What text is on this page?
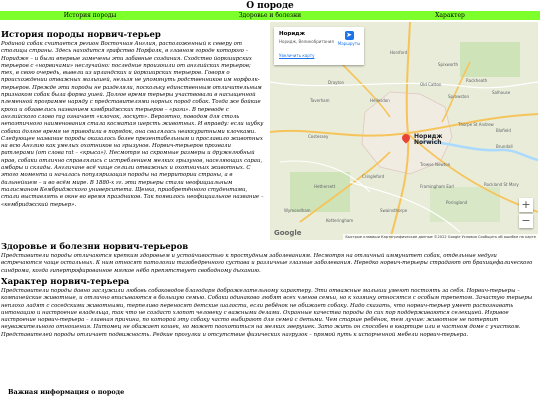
О породе
История породы	Здоровье и болезни	Характер
История породы норвич-терьер

Родиной собак считается регион Восточная Англия, расположенный к северу от столицы страны. Здесь находится графство Норфолк, в главном городе которого – Норидже – и были впервые замечены эти забавные создания. Сходство йоркширских терьеров с «норвичами» неслучайно: последние произошли от английских терьеров; тех, в свою очередь, вывели из ирландских и йоркширских терьеров. Говоря о происхождении отважных малышей, нельзя не упомянуть родственников им норфолк-терьеров. Прежде эти породы не разделяли, поскольку единственным отличительным признаком собак была форма ушей. Долгое время терьеры участвовали в насыщенной племенной программе наряду с представителями норных пород собак. Тогда же бойкие крохи и обзавелись названием кэмбриджских терьеров – «раги». В переводе с английского слово rag означает «клочок, лоскут». Вероятно, поводом для столь непоэтичного наименования стала косматая шерсть животных. И вправду: если шубку собаки долгое время не приводили в порядок, она свалялась неаккуратными клочками. Следующее название породы оказалось более презентабельным и прославило животных на всю Англию как умелых охотников на грызунов. Норвич-терьеров прозвали ратлерами (от слова rat – «крыса»). Несмотря на скромные размеры и дружелюбный нрав, собаки отлично справлялись с истреблением мелких грызунов, населяющих сараи, амбары и склады. Англичане всё чаще селили отважных и охотничьих животных. С этого момента и началась популяризация породы на территории страны, а в дальнейшем – и во всём мире. В 1880-х гг. эти терьеры стали неофициальным талисманом Кембриджского университета. Щенка, приобретённого студентами, стали выставлять в окне во время праздников. Так появилось неофициальное название – «кембриджский терьер».

Horsford
Spixworth
Old Catton
Drayton
Taverham
Sprowston
Thorpe St Andrew
Costessey
Cringleford
Trowse Newton
Poringland
Wymondham
Hethersett	Framingham Earl
Brundall
Blofield
Rackheath
Salhouse
Hellesdon
Ketteringham
Swainsthorpe
Rockland St Mary
Норидж
Norwich
Норидж
Норидж, Великобритания
Увеличить карту
➤
Маршруты
+
−
Google	Быстрые клавиши Картографические данные ©2022 Google Условия Сообщить об ошибке на карте
Здоровье и болезни норвич-терьеров

Представители породы отличаются крепким здоровьем и устойчивостью к простудным заболеваниям. Несмотря на отличный иммунитет собак, отдельные недуги встречаются чаще остальных. К ним относят патологии тазобедренного сустава и различные глазные заболевания. Нередко норвич-терьеры страдают от брахицефалического синдрома, когда гипертрофированное мягкое нёбо препятствует свободному дыханию.

Характер норвич-терьера

Представители породы давно заслужили любовь собаководов благодаря доброжелательному характеру. Эти отважные малыши умеют постоять за себя. Норвич-терьеры – компанейские животные, и отлично вписываются в большую семью. Собаки одинаково любят всех членов семьи, но к хозяину относятся с особым трепетом. Зачастую терьеры неплохо ладят с соседскими животными, терпеливо переносят детские шалости, если ребёнок не обижает собаку. Надо сказать, что норвич-терьер умеет распознавать интонацию и настроение владельца, так что не создаст хлопот человеку с важными делами. Охранные качества породы до сих пор поддерживаются селекцией. Игривое настроение норвич-терьера – главная причина, по которой эту собаку часто выбирают для семей с детьми. Чем старше ребёнок, тем лучше: животное не потерпит неуважительного отношения. Питомец не обижает кошек, но может поохотиться на мелких зверушек. Зато жить он способен в квартире или в частном доме с участком. Представителей породы отличает подвижность. Редкие прогулки и отсутствие физических нагрузок – прямой путь к испорченной мебели норвич-терьера.

Важная информация о породе
